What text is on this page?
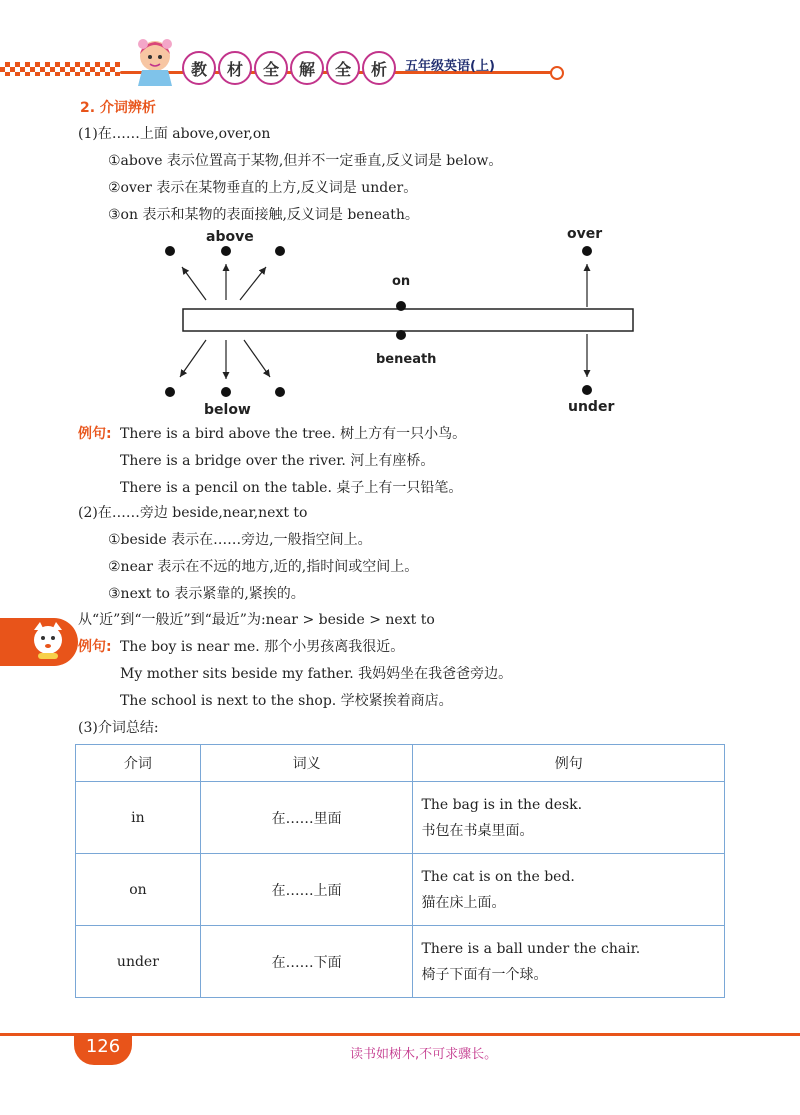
教	材	全	解	全	析	五年级英语(上)
2. 介词辨析
(1)在……上面 above,over,on
①above 表示位置高于某物,但并不一定垂直,反义词是 below。
②over 表示在某物垂直的上方,反义词是 under。
③on 表示和某物的表面接触,反义词是 beneath。
above
below
on
beneath
over
under
例句: There is a bird above the tree. 树上方有一只小鸟。
There is a bridge over the river. 河上有座桥。
There is a pencil on the table. 桌子上有一只铅笔。
(2)在……旁边 beside,near,next to
①beside 表示在……旁边,一般指空间上。
②near 表示在不远的地方,近的,指时间或空间上。
③next to 表示紧靠的,紧挨的。
从“近”到“一般近”到“最近”为:near > beside > next to
例句: The boy is near me. 那个小男孩离我很近。
My mother sits beside my father. 我妈妈坐在我爸爸旁边。
The school is next to the shop. 学校紧挨着商店。
(3)介词总结:
介词	词义	例句
in	在……里面	The bag is in the desk.
书包在书桌里面。

on	在……上面	The cat is on the bed.
猫在床上面。

under	在……下面	There is a ball under the chair.
椅子下面有一个球。
126	读书如树木,不可求骤长。
